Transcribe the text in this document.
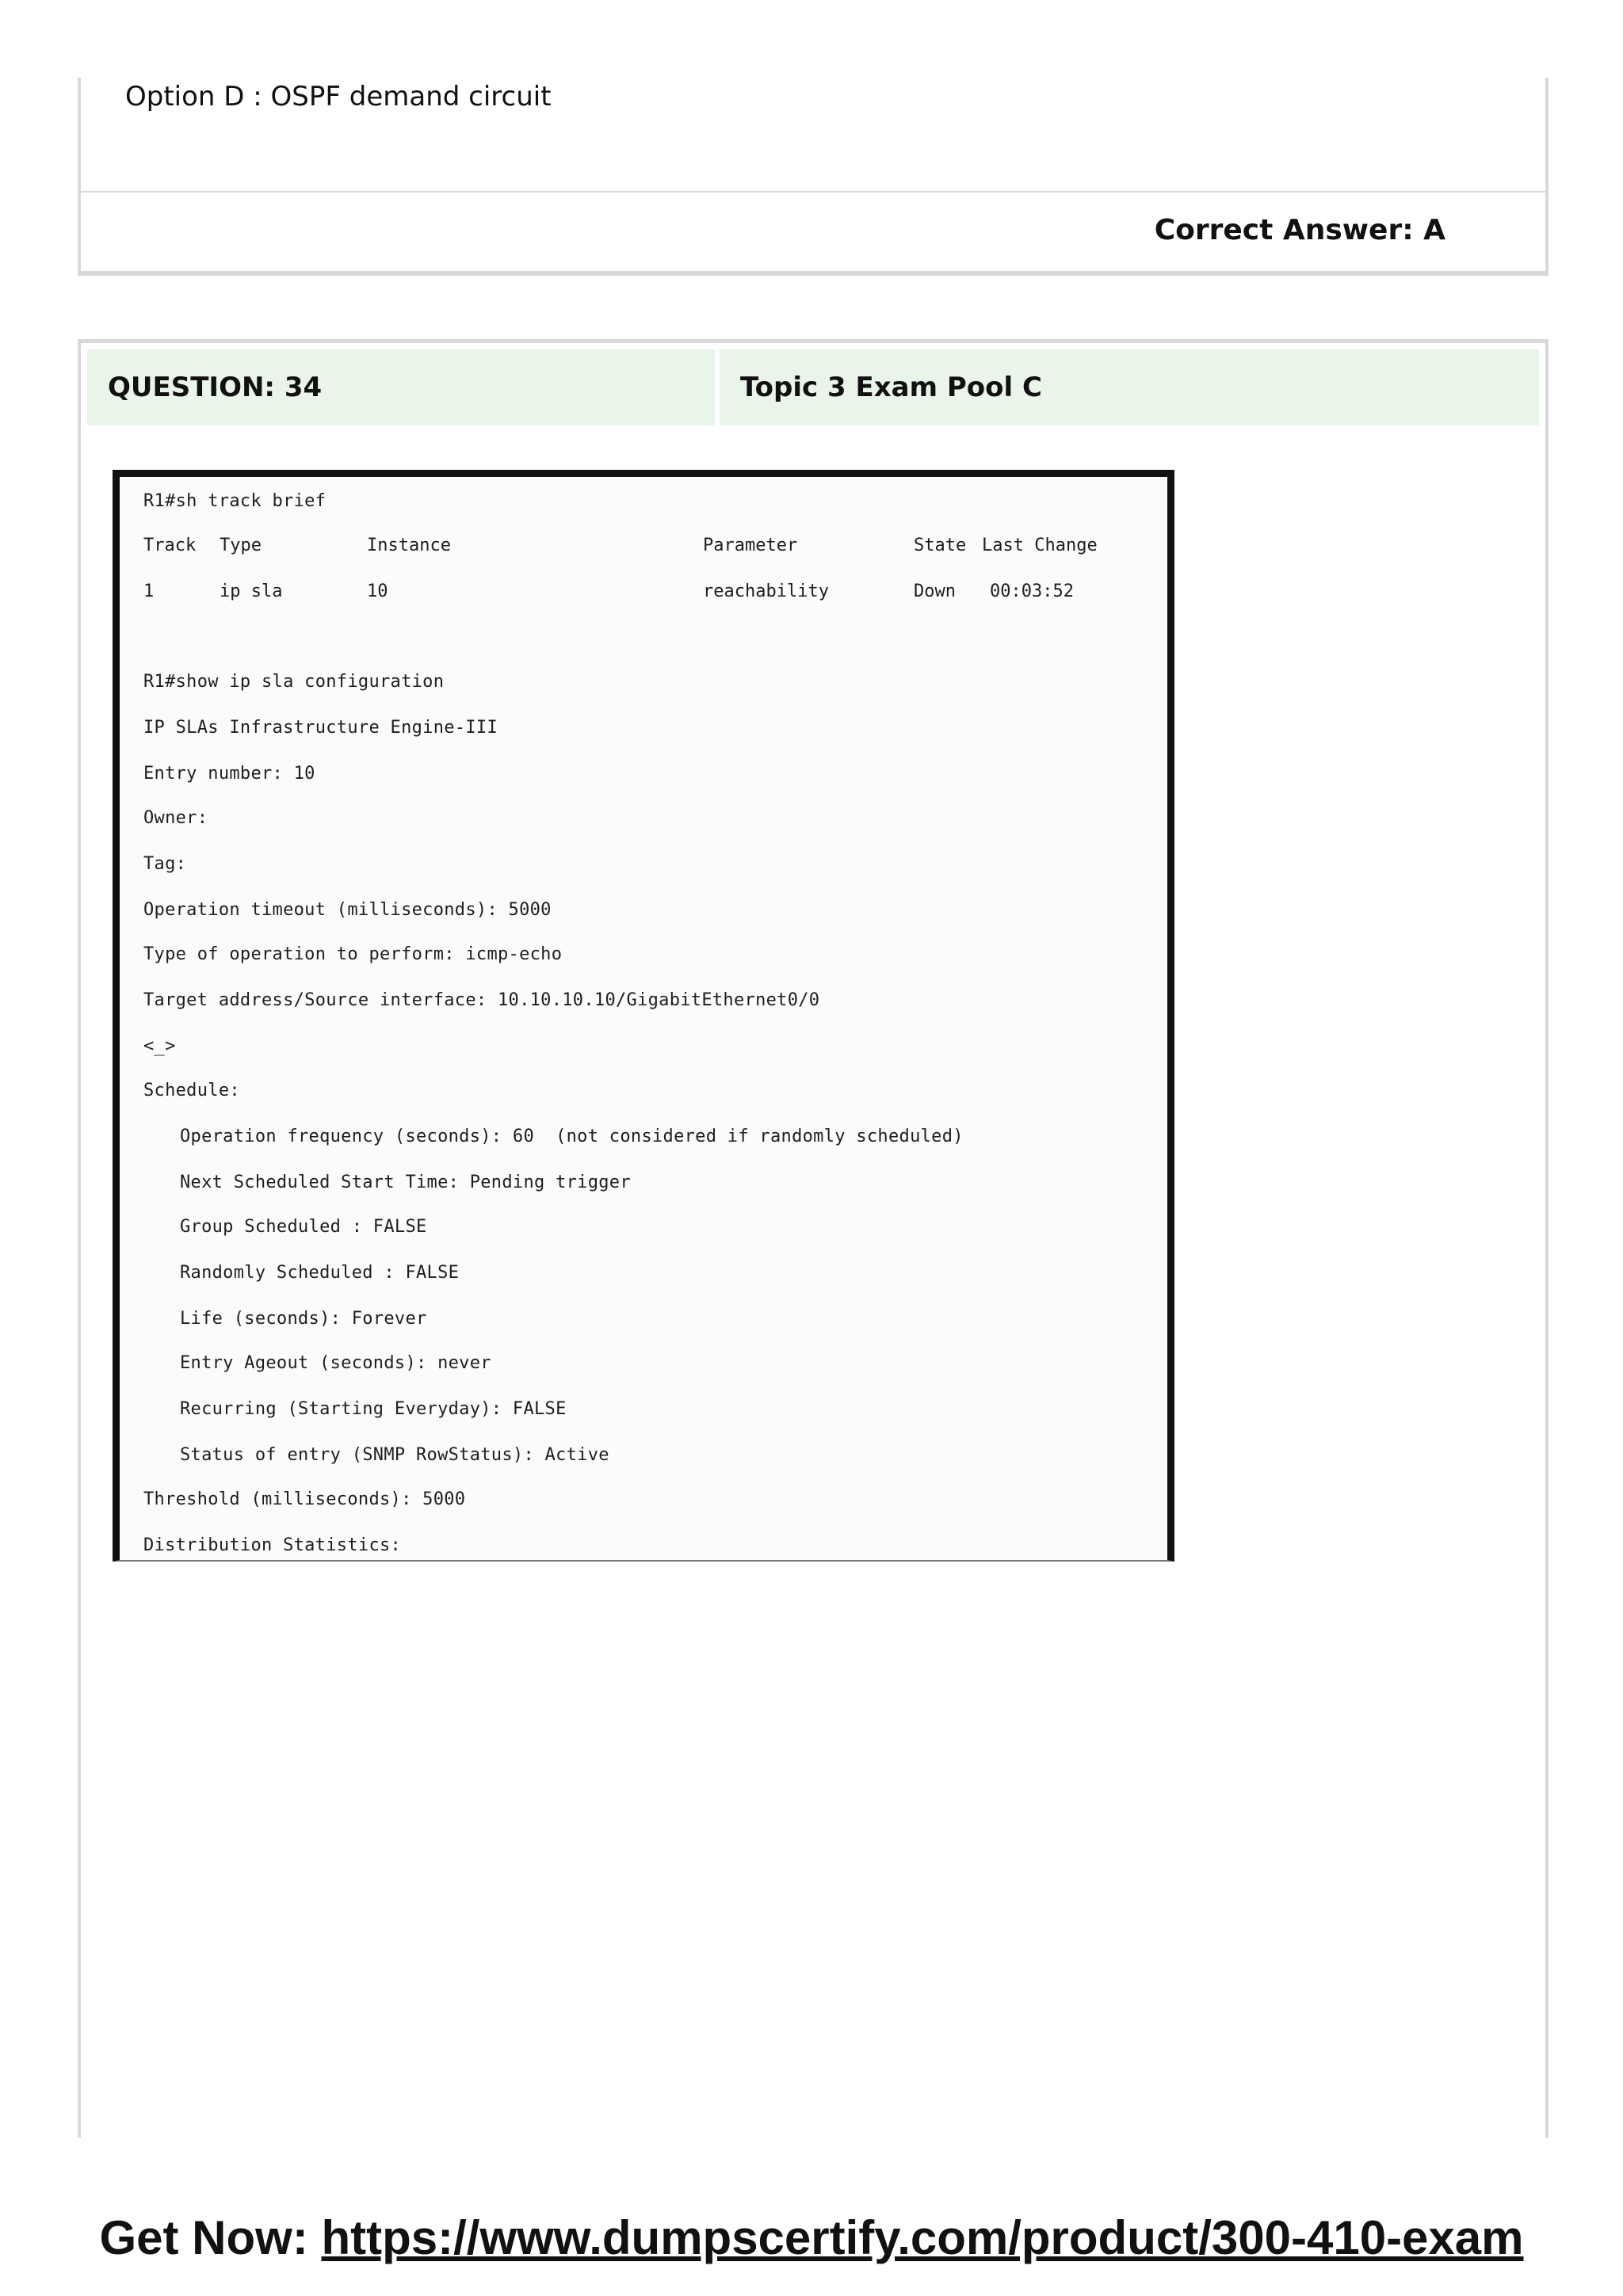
Option D : OSPF demand circuit
Correct Answer: A
QUESTION: 34	Topic 3 Exam Pool C
R1#sh track brief
Track Type	Instance	Parameter	State Last Change
1	ip sla	10	reachability	Down 00:03:52
R1#show ip sla configuration
IP SLAs Infrastructure Engine-III
Entry number: 10
Owner:
Tag:
Operation timeout (milliseconds): 5000
Type of operation to perform: icmp-echo
Target address/Source interface: 10.10.10.10/GigabitEthernet0/0
<_>
Schedule:
Operation frequency (seconds): 60  (not considered if randomly scheduled)
Next Scheduled Start Time: Pending trigger
Group Scheduled : FALSE
Randomly Scheduled : FALSE
Life (seconds): Forever
Entry Ageout (seconds): never
Recurring (Starting Everyday): FALSE
Status of entry (SNMP RowStatus): Active
Threshold (milliseconds): 5000
Distribution Statistics:
Get Now: https://www.dumpscertify.com/product/300-410-exam
